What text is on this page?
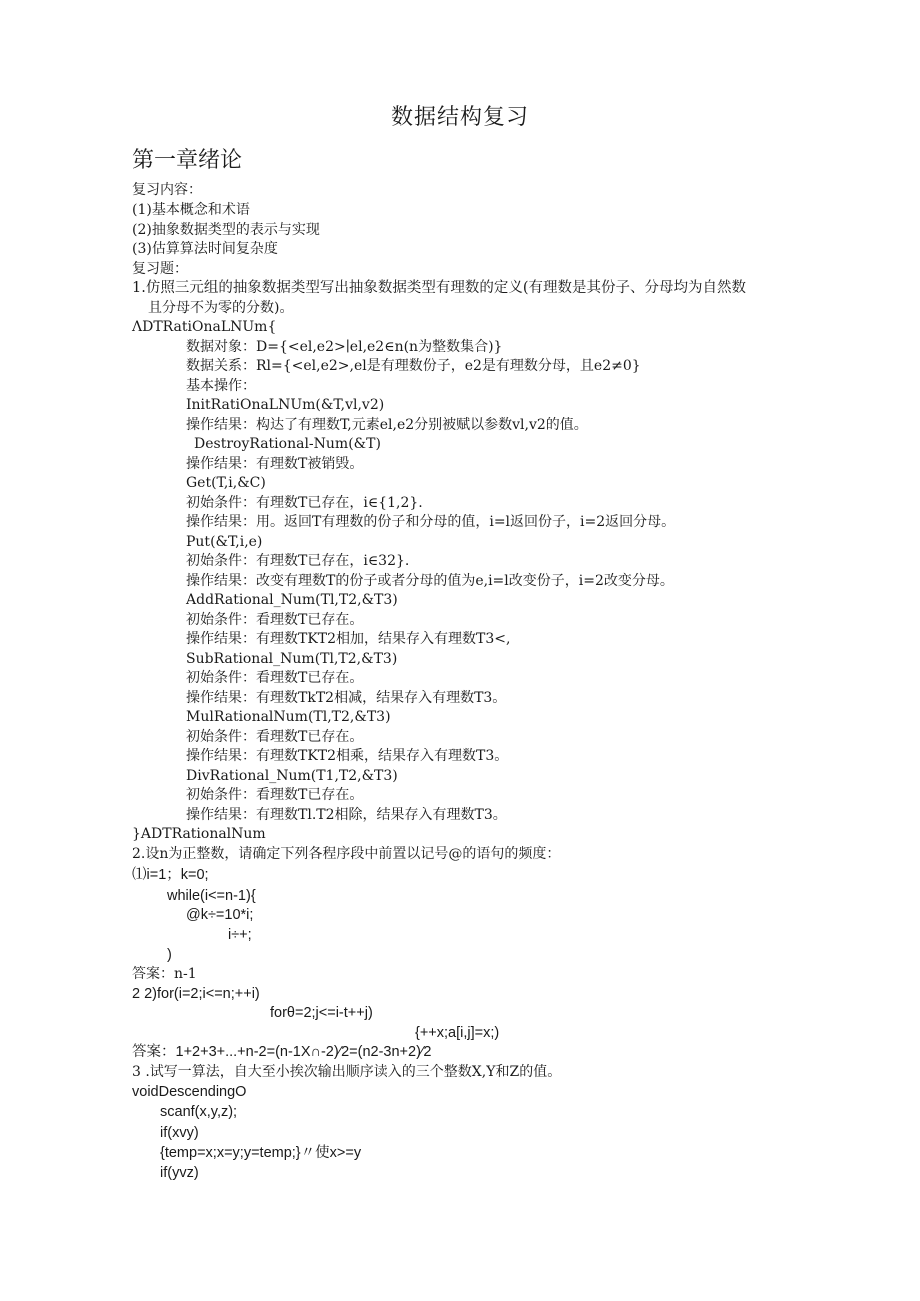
数据结构复习
第一章绪论
复习内容：
(1)基本概念和术语
(2)抽象数据类型的表示与实现
(3)估算算法时间复杂度
复习题：
1.仿照三元组的抽象数据类型写出抽象数据类型有理数的定义(有理数是其份子、分母均为自然数
且分母不为零的分数)。
ΛDTRatiOnaLNUm{
数据对象：D={<el,e2>∣el,e2∈n(n为整数集合)}
数据关系：Rl={<el,e2>,el是有理数份子，e2是有理数分母，且e2≠0}
基本操作：
InitRatiOnaLNUm(&T,vl,v2)
操作结果：构达了有理数T,元素el,e2分别被赋以参数vl,v2的值。
DestroyRational-Num(&T)
操作结果：有理数T被销毁。
Get(T,i,&C)
初始条件：有理数T已存在，i∈{1,2}.
操作结果：用。返回T有理数的份子和分母的值，i=l返回份子，i=2返回分母。
Put(&T,i,e)
初始条件：有理数T已存在，i∈32}.
操作结果：改变有理数T的份子或者分母的值为e,i=l改变份子，i=2改变分母。
AddRational_Num(Tl,T2,&T3)
初始条件：看理数T已存在。
操作结果：有理数TKT2相加，结果存入有理数T3<,
SubRational_Num(Tl,T2,&T3)
初始条件：看理数T已存在。
操作结果：有理数TkT2相减，结果存入有理数T3。
MulRationalNum(Tl,T2,&T3)
初始条件：看理数T已存在。
操作结果：有理数TKT2相乘，结果存入有理数T3。
DivRational_Num(T1,T2,&T3)
初始条件：看理数T已存在。
操作结果：有理数Tl.T2相除，结果存入有理数T3。
}ADTRationalNum
2.设n为正整数，请确定下列各程序段中前置以记号@的语句的频度：
⑴i=1；k=0;
while(i<=n-1){
@k÷=10*i;
i÷+;
)
答案：n-1
2 2)for(i=2;i<=n;++i)
forθ=2;j<=i-t++j)
{++x;a[i,j]=x;)
答案：1+2+3+...+n-2=(n-1X∩-2)∕2=(n2-3n+2)∕2
3 .试写一算法，自大至小挨次输出顺序读入的三个整数X,Y和Z的值。
voidDescendingO
scanf(x,y,z);
if(xvy)
{temp=x;x=y;y=temp;}〃使x>=y
if(yvz)
